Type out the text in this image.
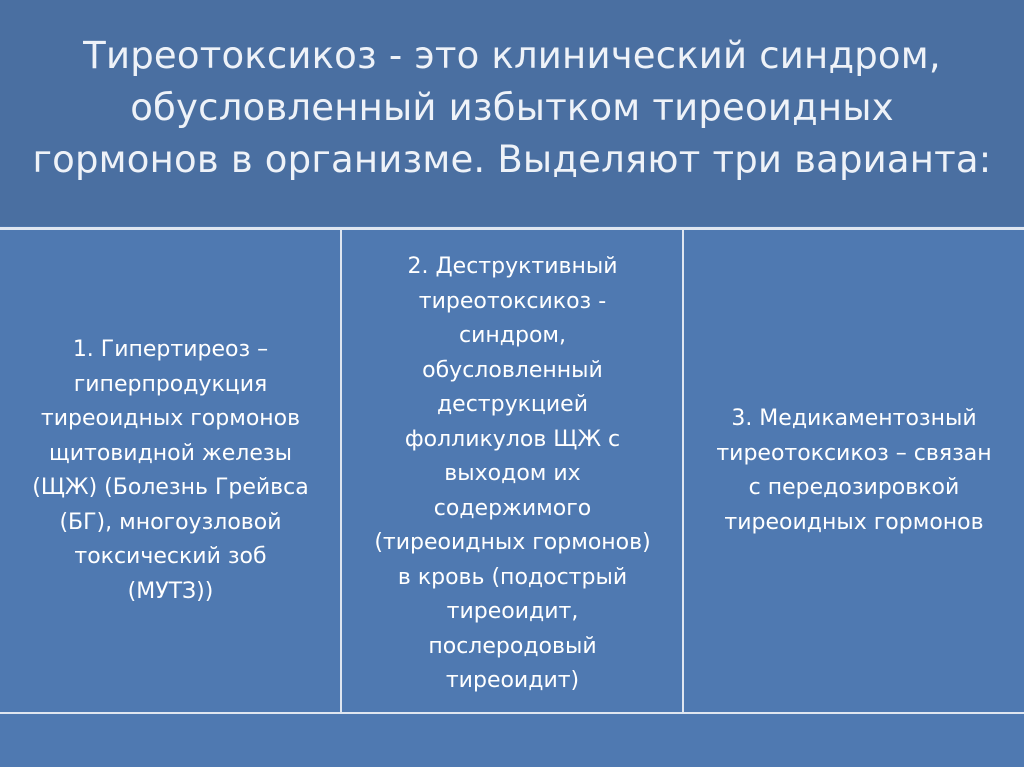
Тиреотоксикоз - это клинический синдром,
обусловленный избытком тиреоидных
гормонов в организме. Выделяют три варианта:
1. Гипертиреоз –
гиперпродукция
тиреоидных гормонов
щитовидной железы
(ЩЖ) (Болезнь Грейвса
(БГ), многоузловой
токсический зоб
(МУТЗ))
2. Деструктивный
тиреотоксикоз -
синдром,
обусловленный
деструкцией
фолликулов ЩЖ с
выходом их
содержимого
(тиреоидных гормонов)
в кровь (подострый
тиреоидит,
послеродовый
тиреоидит)
3. Медикаментозный
тиреотоксикоз – связан
с передозировкой
тиреоидных гормонов
